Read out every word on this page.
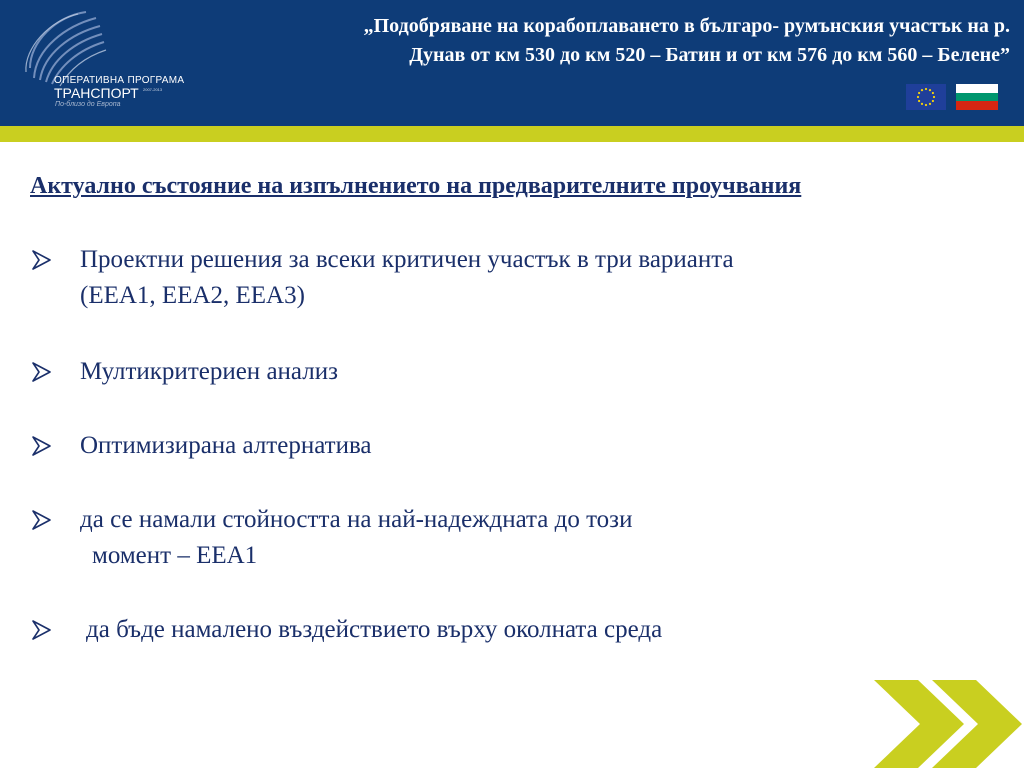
ОПЕРАТИВНА ПРОГРАМА
ТРАНСПОРТ 2007-2013
По-близо до Европа
„Подобряване на корабоплаването в българо- румънския участък на р.
Дунав от км 530 до км 520 – Батин и от км 576 до км 560 – Белене”

Актуално състояние на изпълнението на предварителните проучвания

Проектни решения за всеки критичен участък в три варианта
(ЕЕА1, ЕЕА2, ЕЕА3)
Мултикритериен анализ
Оптимизирана алтернатива
да се намали стойността на най-надеждната до този
момент – ЕЕА1
да бъде намалено въздействието върху околната среда
